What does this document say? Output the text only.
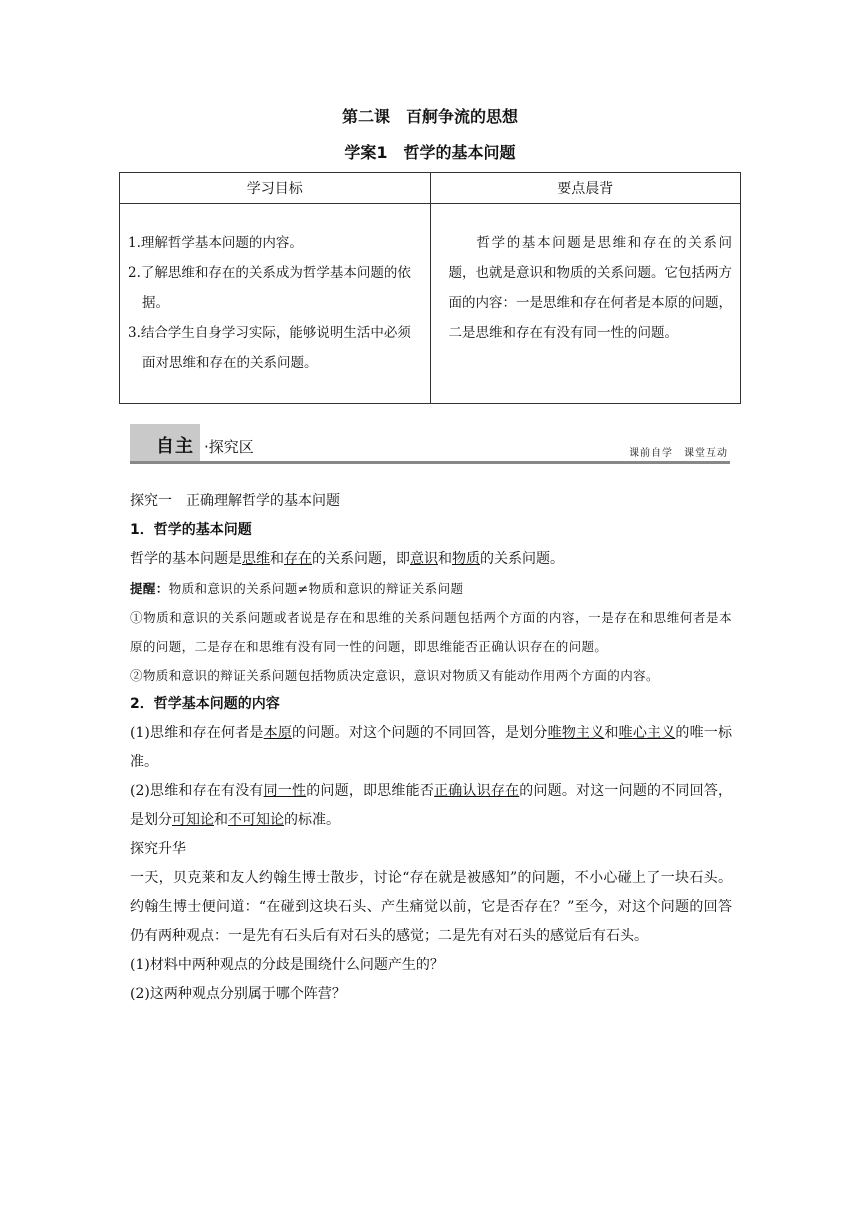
第二课　百舸争流的思想
学案1　哲学的基本问题
学习目标	要点晨背

1.理解哲学基本问题的内容。
2.了解思维和存在的关系成为哲学基本问题的依据。
3.结合学生自身学习实际，能够说明生活中必须面对思维和存在的关系问题。	哲学的基本问题是思维和存在的关系问题，也就是意识和物质的关系问题。它包括两方面的内容：一是思维和存在何者是本原的问题，二是思维和存在有没有同一性的问题。
自主 ·探究区	课前自学　课堂互动

探究一　正确理解哲学的基本问题

1．哲学的基本问题

哲学的基本问题是思维和存在的关系问题，即意识和物质的关系问题。

提醒：物质和意识的关系问题≠物质和意识的辩证关系问题

①物质和意识的关系问题或者说是存在和思维的关系问题包括两个方面的内容，一是存在和思维何者是本原的问题，二是存在和思维有没有同一性的问题，即思维能否正确认识存在的问题。

②物质和意识的辩证关系问题包括物质决定意识，意识对物质又有能动作用两个方面的内容。

2．哲学基本问题的内容

(1)思维和存在何者是本原的问题。对这个问题的不同回答，是划分唯物主义和唯心主义的唯一标准。

(2)思维和存在有没有同一性的问题，即思维能否正确认识存在的问题。对这一问题的不同回答，是划分可知论和不可知论的标准。

探究升华

一天，贝克莱和友人约翰生博士散步，讨论“存在就是被感知”的问题，不小心碰上了一块石头。约翰生博士便问道：“在碰到这块石头、产生痛觉以前，它是否存在？”至今，对这个问题的回答仍有两种观点：一是先有石头后有对石头的感觉；二是先有对石头的感觉后有石头。

(1)材料中两种观点的分歧是围绕什么问题产生的？

(2)这两种观点分别属于哪个阵营？
